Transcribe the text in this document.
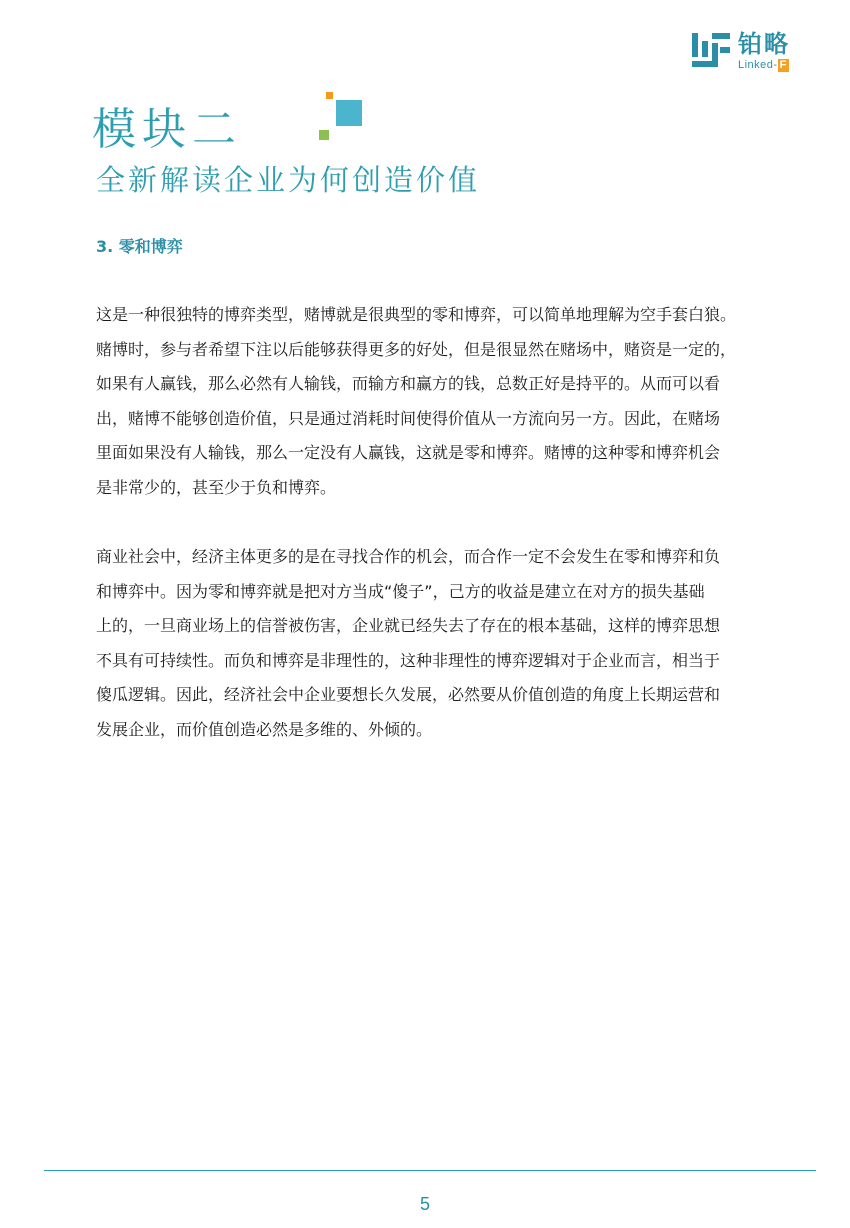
铂略
Linked- F
模块二
全新解读企业为何创造价值
3. 零和博弈
这是一种很独特的博弈类型，赌博就是很典型的零和博弈，可以简单地理解为空手套白狼。
赌博时，参与者希望下注以后能够获得更多的好处，但是很显然在赌场中，赌资是一定的，
如果有人赢钱，那么必然有人输钱，而输方和赢方的钱，总数正好是持平的。从而可以看
出，赌博不能够创造价值，只是通过消耗时间使得价值从一方流向另一方。因此，在赌场
里面如果没有人输钱，那么一定没有人赢钱，这就是零和博弈。赌博的这种零和博弈机会
是非常少的，甚至少于负和博弈。
商业社会中，经济主体更多的是在寻找合作的机会，而合作一定不会发生在零和博弈和负
和博弈中。因为零和博弈就是把对方当成“傻子”，己方的收益是建立在对方的损失基础
上的，一旦商业场上的信誉被伤害，企业就已经失去了存在的根本基础，这样的博弈思想
不具有可持续性。而负和博弈是非理性的，这种非理性的博弈逻辑对于企业而言，相当于
傻瓜逻辑。因此，经济社会中企业要想长久发展，必然要从价值创造的角度上长期运营和
发展企业，而价值创造必然是多维的、外倾的。
5
